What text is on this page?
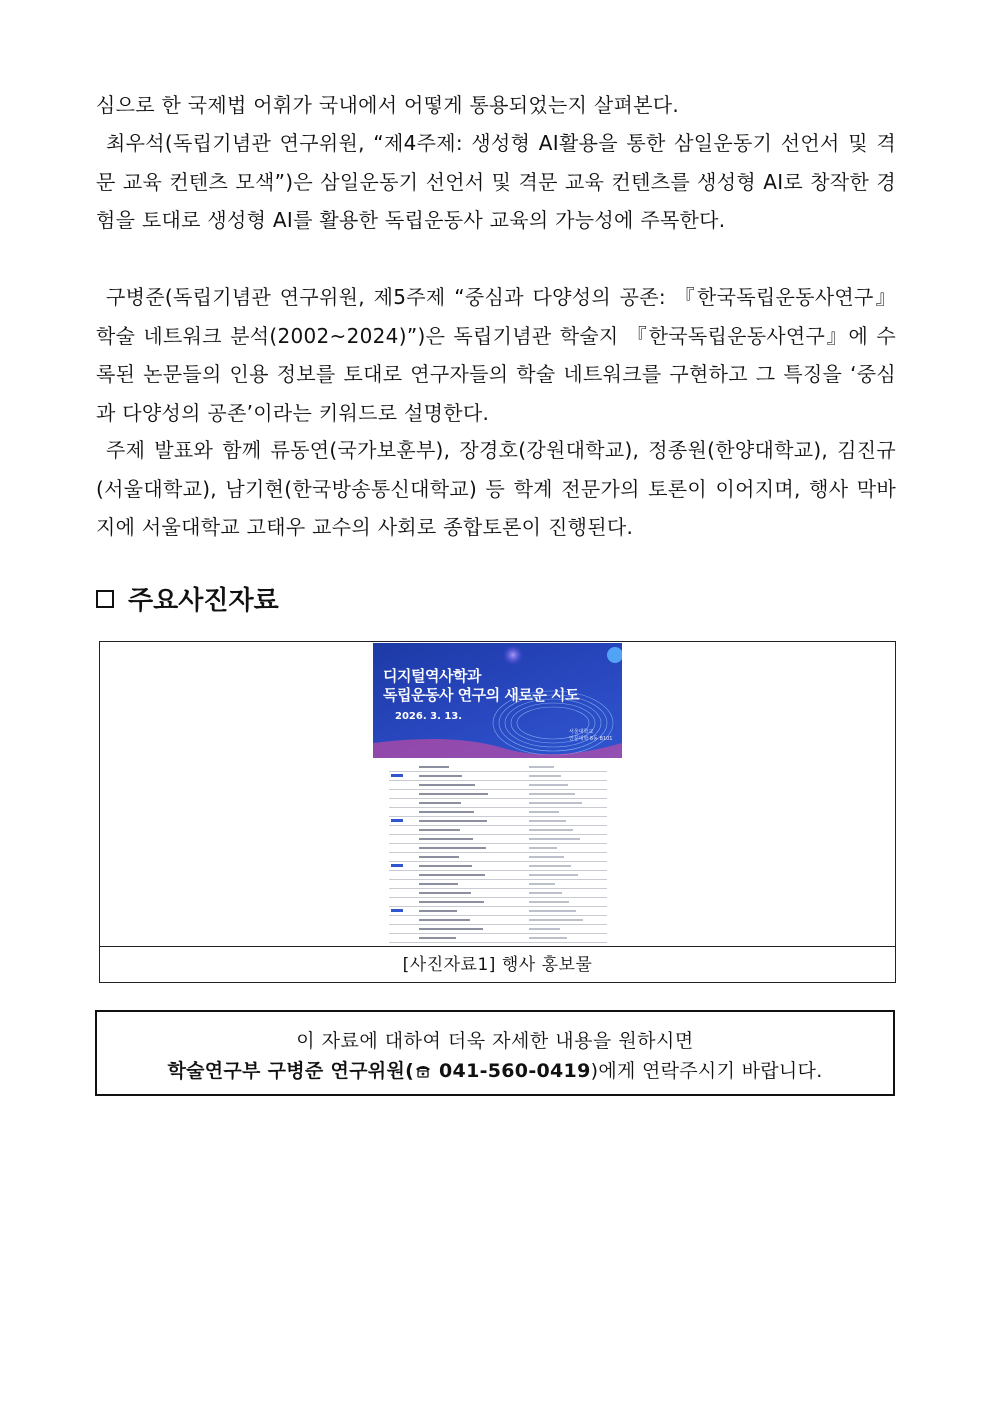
심으로 한 국제법 어휘가 국내에서 어떻게 통용되었는지 살펴본다.
최우석(독립기념관 연구위원, “제4주제: 생성형 AI활용을 통한 삼일운동기 선언서 및 격문 교육 컨텐츠 모색”)은 삼일운동기 선언서 및 격문 교육 컨텐츠를 생성형 AI로 창작한 경험을 토대로 생성형 AI를 활용한 독립운동사 교육의 가능성에 주목한다.
구병준(독립기념관 연구위원, 제5주제 “중심과 다양성의 공존: 『한국독립운동사연구』 학술 네트워크 분석(2002~2024)”)은 독립기념관 학술지 『한국독립운동사연구』에 수록된 논문들의 인용 정보를 토대로 연구자들의 학술 네트워크를 구현하고 그 특징을 ‘중심과 다양성의 공존’이라는 키워드로 설명한다.
주제 발표와 함께 류동연(국가보훈부), 장경호(강원대학교), 정종원(한양대학교), 김진규(서울대학교), 남기현(한국방송통신대학교) 등 학계 전문가의 토론이 이어지며, 행사 막바지에 서울대학교 고태우 교수의 사회로 종합토론이 진행된다.
주요사진자료
디지털역사학과
독립운동사 연구의 새로운 시도
2026. 3. 13.
서울대학교
인문대학 8동 B101
[사진자료1] 행사 홍보물
이 자료에 대하여 더욱 자세한 내용을 원하시면
학술연구부 구병준 연구위원( 041-560-0419)에게 연락주시기 바랍니다.
